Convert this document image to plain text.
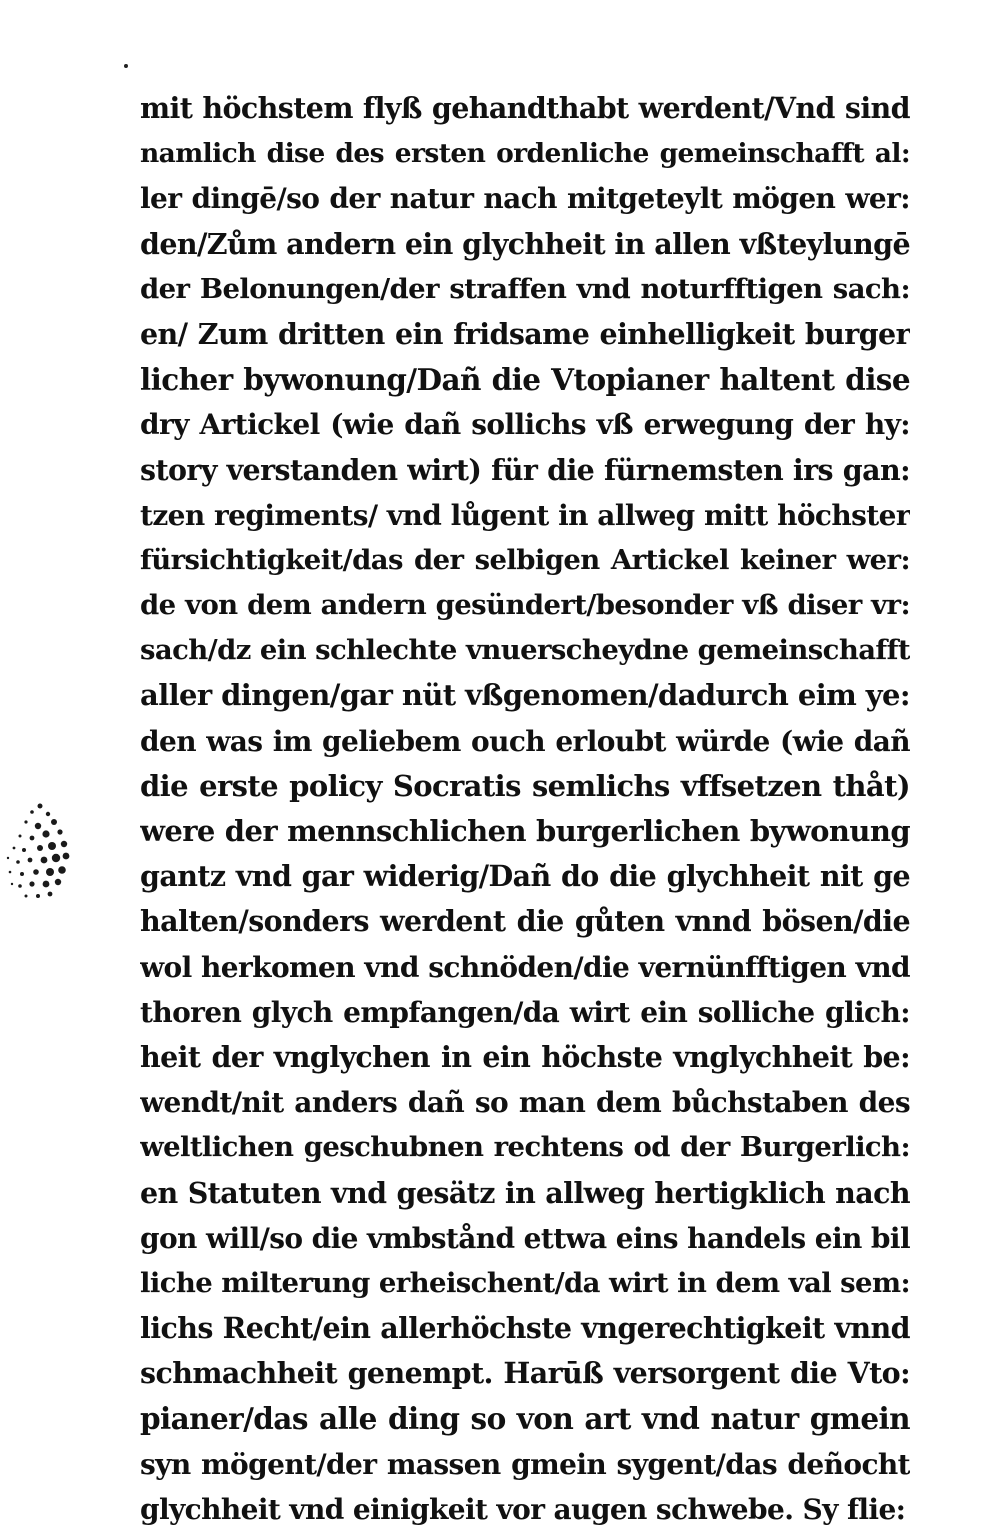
mit höchstem flyß gehandthabt werdent/Vnd sind
namlich dise des ersten ordenliche gemeinschafft al:
ler dingē/so der natur nach mitgeteylt mögen wer:
den/Zům andern ein glychheit in allen vßteylungē
der Belonungen/der straffen vnd noturfftigen sach:
en/ Zum dritten ein fridsame einhelligkeit burger
licher bywonung/Dañ die Vtopianer haltent dise
dry Artickel (wie dañ sollichs vß erwegung der hy:
story verstanden wirt) für die fürnemsten irs gan:
tzen regiments/ vnd lůgent in allweg mitt höchster
fürsichtigkeit/das der selbigen Artickel keiner wer:
de von dem andern gesündert/besonder vß diser vr:
sach/dz ein schlechte vnuerscheydne gemeinschafft
aller dingen/gar nüt vßgenomen/dadurch eim ye:
den was im geliebem ouch erloubt würde (wie dañ
die erste policy Socratis semlichs vffsetzen thåt)
were der mennschlichen burgerlichen bywonung
gantz vnd gar widerig/Dañ do die glychheit nit ge
halten/sonders werdent die gůten vnnd bösen/die
wol herkomen vnd schnöden/die vernünfftigen vnd
thoren glych empfangen/da wirt ein solliche glich:
heit der vnglychen in ein höchste vnglychheit be:
wendt/nit anders dañ so man dem bůchstaben des
weltlichen geschubnen rechtens od der Burgerlich:
en Statuten vnd gesätz in allweg hertigklich nach
gon will/so die vmbstånd ettwa eins handels ein bil
liche milterung erheischent/da wirt in dem val sem:
lichs Recht/ein allerhöchste vngerechtigkeit vnnd
schmachheit genempt. Harūß versorgent die Vto:
pianer/das alle ding so von art vnd natur gmein
syn mögent/der massen gmein sygent/das deñocht
glychheit vnd einigkeit vor augen schwebe. Sy flie:
